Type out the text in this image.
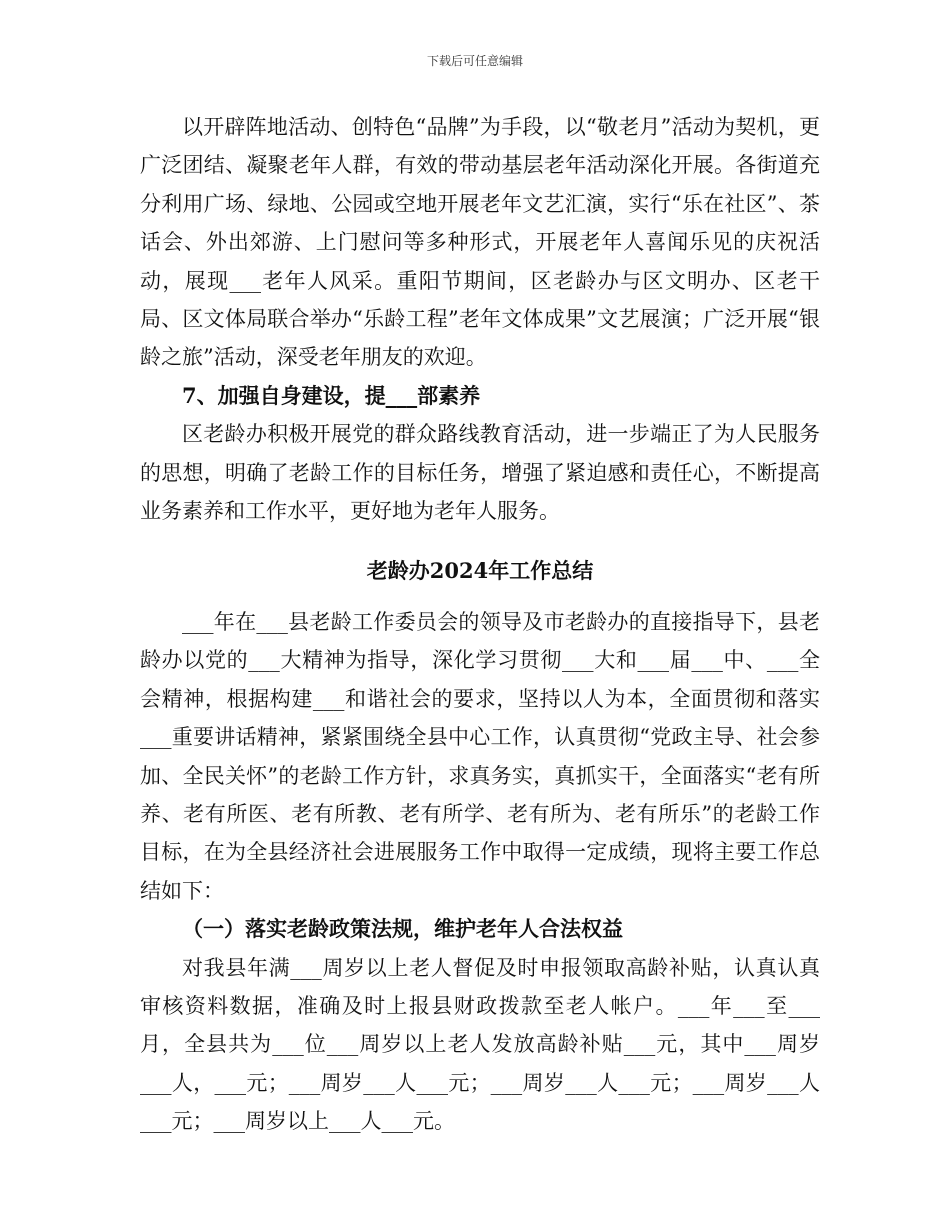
下载后可任意编辑

以开辟阵地活动、创特色“品牌”为手段，以“敬老月”活动为契机，更广泛团结、凝聚老年人群，有效的带动基层老年活动深化开展。各街道充分利用广场、绿地、公园或空地开展老年文艺汇演，实行“乐在社区”、茶话会、外出郊游、上门慰问等多种形式，开展老年人喜闻乐见的庆祝活动，展现___老年人风采。重阳节期间，区老龄办与区文明办、区老干局、区文体局联合举办“乐龄工程”老年文体成果”文艺展演；广泛开展“银龄之旅”活动，深受老年朋友的欢迎。

7、加强自身建设，提___部素养

区老龄办积极开展党的群众路线教育活动，进一步端正了为人民服务的思想，明确了老龄工作的目标任务，增强了紧迫感和责任心，不断提高业务素养和工作水平，更好地为老年人服务。

老龄办2024年工作总结

___年在___县老龄工作委员会的领导及市老龄办的直接指导下，县老龄办以党的___大精神为指导，深化学习贯彻___大和___届___中、___全会精神，根据构建___和谐社会的要求，坚持以人为本，全面贯彻和落实___重要讲话精神，紧紧围绕全县中心工作，认真贯彻“党政主导、社会参加、全民关怀”的老龄工作方针，求真务实，真抓实干，全面落实“老有所养、老有所医、老有所教、老有所学、老有所为、老有所乐”的老龄工作目标，在为全县经济社会进展服务工作中取得一定成绩，现将主要工作总结如下：

（一）落实老龄政策法规，维护老年人合法权益

对我县年满___周岁以上老人督促及时申报领取高龄补贴，认真认真审核资料数据，准确及时上报县财政拨款至老人帐户。___年___至___月，全县共为___位___周岁以上老人发放高龄补贴___元，其中___周岁___人，___元；___周岁___人___元；___周岁___人___元；___周岁___人___元；___周岁以上___人___元。
